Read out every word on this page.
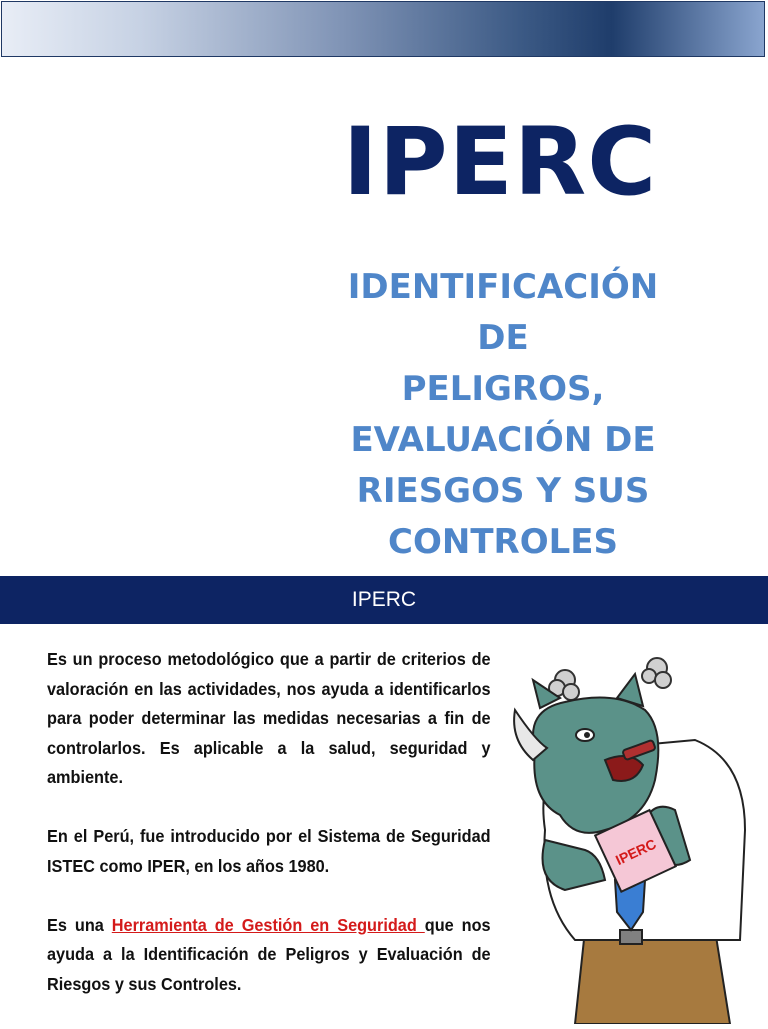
IPERC
IDENTIFICACIÓN DE
PELIGROS,
EVALUACIÓN DE
RIESGOS Y SUS
CONTROLES
IPERC

Es un proceso metodológico que a partir de criterios de valoración en las actividades, nos ayuda a identificarlos para poder determinar las medidas necesarias a fin de controlarlos. Es aplicable a la salud, seguridad y ambiente.

En el Perú, fue introducido por el Sistema de Seguridad ISTEC como IPER, en los años 1980.

Es una Herramienta de Gestión en Seguridad que nos ayuda a la Identificación de Peligros y Evaluación de Riesgos y sus Controles.

IPERC
